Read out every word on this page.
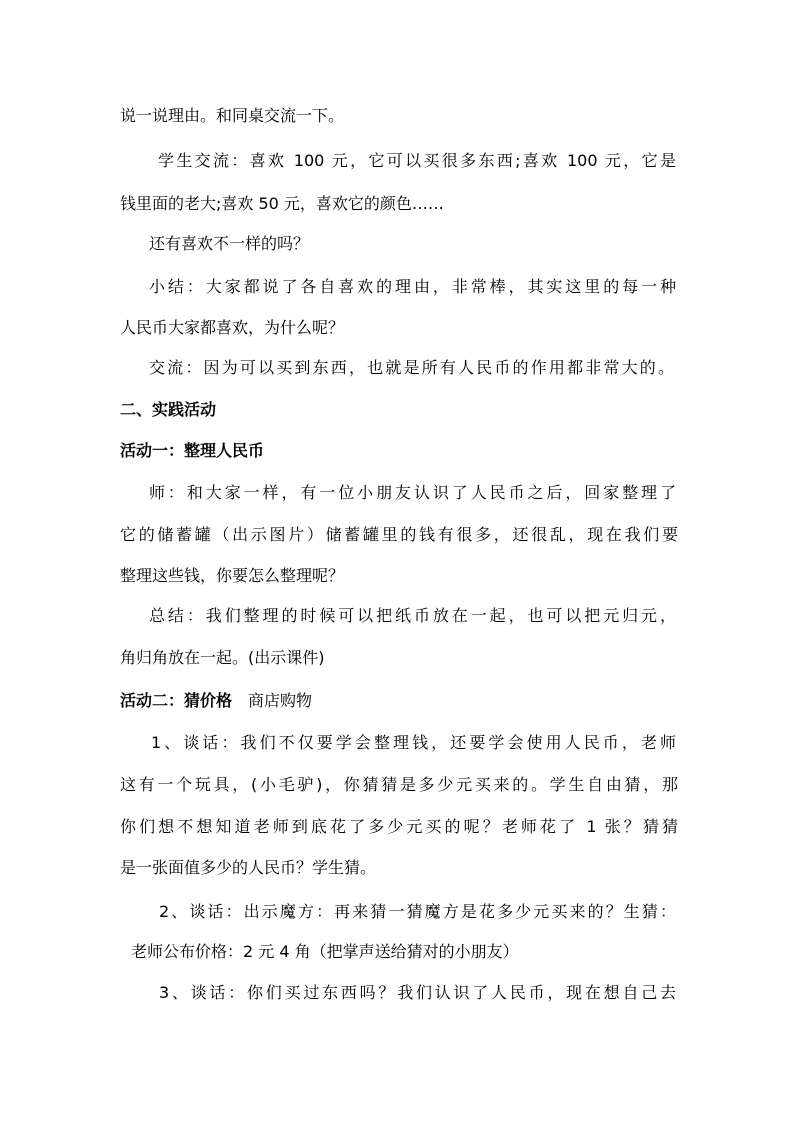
说一说理由。和同桌交流一下。
学生交流：喜欢 100 元，它可以买很多东西;喜欢 100 元，它是
钱里面的老大;喜欢 50 元，喜欢它的颜色……
还有喜欢不一样的吗？
小结：大家都说了各自喜欢的理由，非常棒，其实这里的每一种
人民币大家都喜欢，为什么呢？
交流：因为可以买到东西，也就是所有人民币的作用都非常大的。
二、实践活动
活动一：整理人民币
师：和大家一样，有一位小朋友认识了人民币之后，回家整理了
它的储蓄罐（出示图片）储蓄罐里的钱有很多，还很乱，现在我们要
整理这些钱，你要怎么整理呢？
总结：我们整理的时候可以把纸币放在一起，也可以把元归元，
角归角放在一起。(出示课件)
活动二：猜价格 商店购物
1、谈话：我们不仅要学会整理钱，还要学会使用人民币，老师
这有一个玩具，(小毛驴)，你猜猜是多少元买来的。学生自由猜，那
你们想不想知道老师到底花了多少元买的呢？老师花了 1 张？猜猜
是一张面值多少的人民币？学生猜。
2、谈话：出示魔方：再来猜一猜魔方是花多少元买来的？生猜：
老师公布价格：2 元 4 角（把掌声送给猜对的小朋友）
3、谈话：你们买过东西吗？我们认识了人民币，现在想自己去
